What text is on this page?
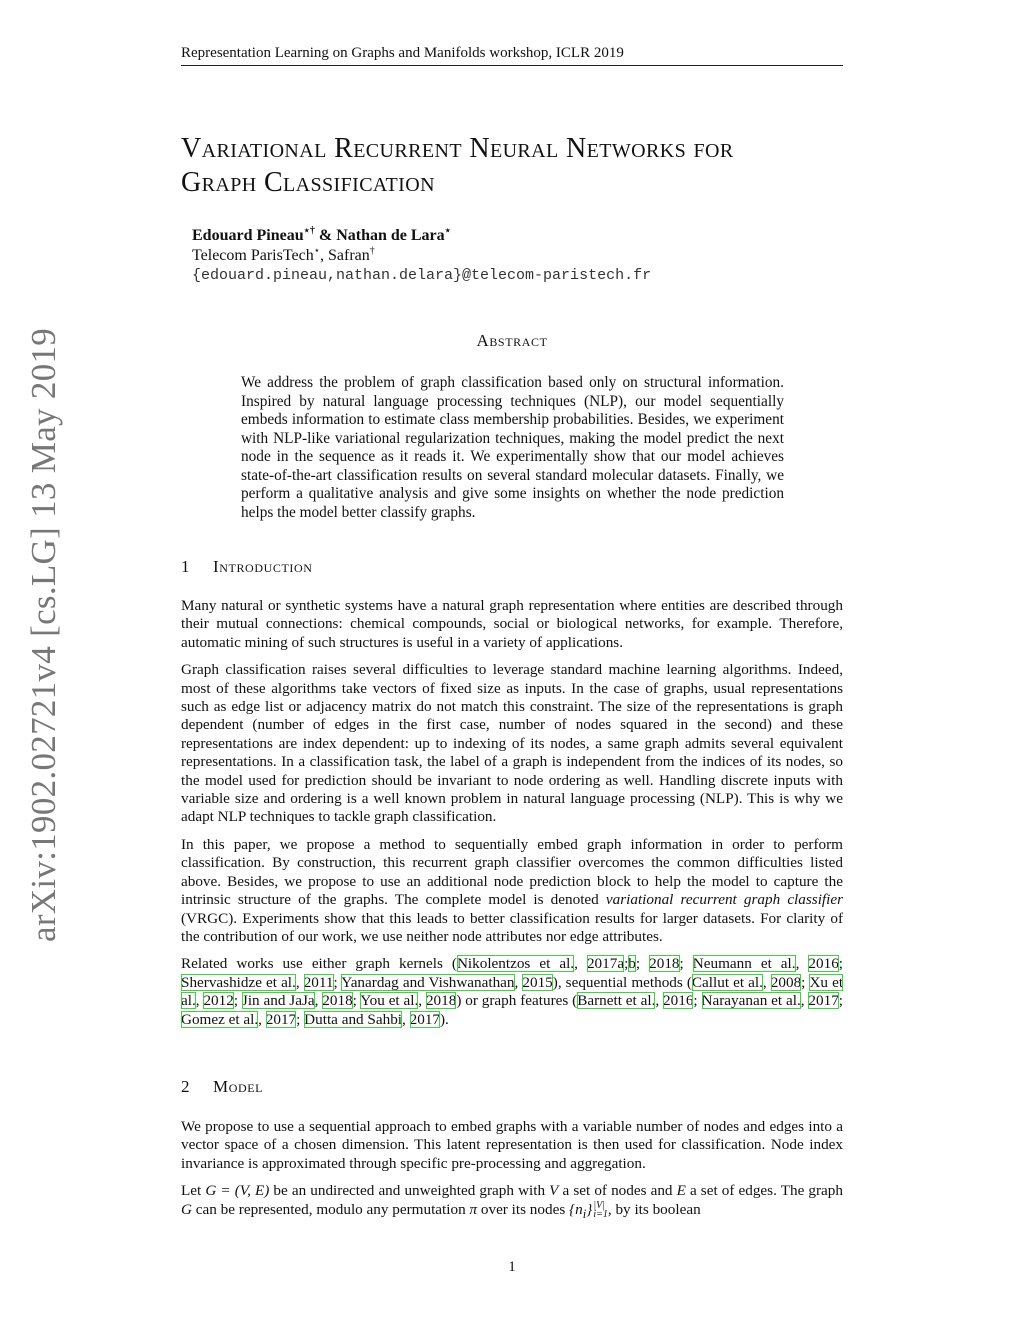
Representation Learning on Graphs and Manifolds workshop, ICLR 2019
arXiv:1902.02721v4 [cs.LG] 13 May 2019
Variational Recurrent Neural Networks for
Graph Classification
Edouard Pineau⋆† & Nathan de Lara⋆
Telecom ParisTech⋆, Safran†
{edouard.pineau,nathan.delara}@telecom-paristech.fr
Abstract

We address the problem of graph classification based only on structural information. Inspired by natural language processing techniques (NLP), our model sequentially embeds information to estimate class membership probabilities. Besides, we experiment with NLP-like variational regularization techniques, making the model predict the next node in the sequence as it reads it. We experimentally show that our model achieves state-of-the-art classification results on several standard molecular datasets. Finally, we perform a qualitative analysis and give some insights on whether the node prediction helps the model better classify graphs.

1 Introduction

Many natural or synthetic systems have a natural graph representation where entities are described through their mutual connections: chemical compounds, social or biological networks, for example. Therefore, automatic mining of such structures is useful in a variety of applications.

Graph classification raises several difficulties to leverage standard machine learning algorithms. Indeed, most of these algorithms take vectors of fixed size as inputs. In the case of graphs, usual representations such as edge list or adjacency matrix do not match this constraint. The size of the representations is graph dependent (number of edges in the first case, number of nodes squared in the second) and these representations are index dependent: up to indexing of its nodes, a same graph admits several equivalent representations. In a classification task, the label of a graph is independent from the indices of its nodes, so the model used for prediction should be invariant to node ordering as well. Handling discrete inputs with variable size and ordering is a well known problem in natural language processing (NLP). This is why we adapt NLP techniques to tackle graph classification.

In this paper, we propose a method to sequentially embed graph information in order to perform classification. By construction, this recurrent graph classifier overcomes the common difficulties listed above. Besides, we propose to use an additional node prediction block to help the model to capture the intrinsic structure of the graphs. The complete model is denoted variational recurrent graph classifier (VRGC). Experiments show that this leads to better classification results for larger datasets. For clarity of the contribution of our work, we use neither node attributes nor edge attributes.

Related works use either graph kernels (Nikolentzos et al., 2017a;b; 2018; Neumann et al., 2016; Shervashidze et al., 2011; Yanardag and Vishwanathan, 2015), sequential methods (Callut et al., 2008; Xu et al., 2012; Jin and JaJa, 2018; You et al., 2018) or graph features (Barnett et al., 2016; Narayanan et al., 2017; Gomez et al., 2017; Dutta and Sahbi, 2017).

2 Model

We propose to use a sequential approach to embed graphs with a variable number of nodes and edges into a vector space of a chosen dimension. This latent representation is then used for classification. Node index invariance is approximated through specific pre-processing and aggregation.

Let G = (V, E) be an undirected and unweighted graph with V a set of nodes and E a set of edges. The graph G can be represented, modulo any permutation π over its nodes $\{n_i\}$ |V|
i=1 , by its boolean

1
